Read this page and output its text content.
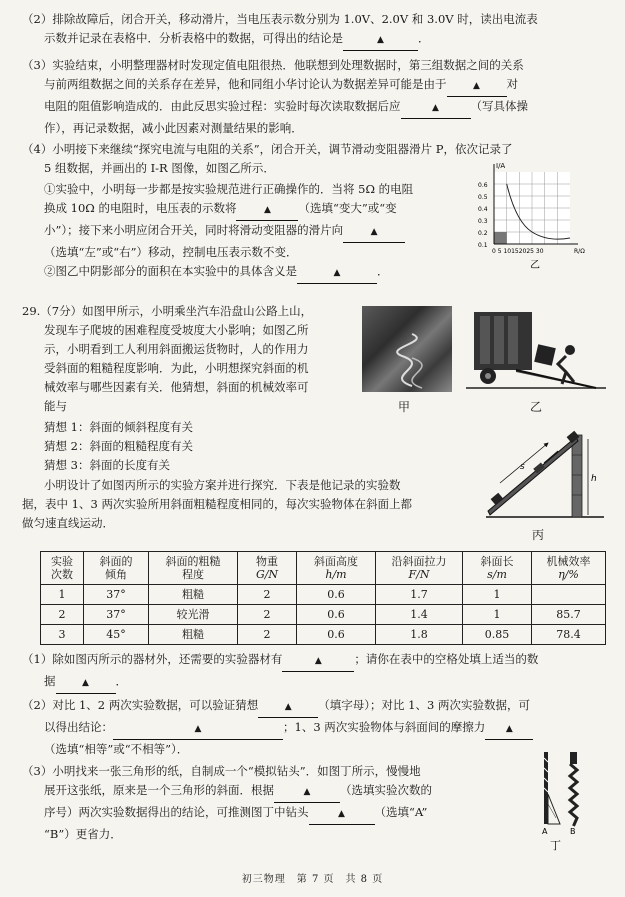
（2）排除故障后，闭合开关，移动滑片，当电压表示数分别为 1.0V、2.0V 和 3.0V 时，读出电流表
示数并记录在表格中．分析表格中的数据，可得出的结论是	▲	．

（3）实验结束，小明整理器材时发现定值电阻很热．他联想到处理数据时，第三组数据之间的关系
与前两组数据之间的关系存在差异，他和同组小华讨论认为数据差异可能是由于	▲ 对
电阻的阻值影响造成的．由此反思实验过程：实验时每次读取数据后应	▲	（写具体操
作），再记录数据，减小此因素对测量结果的影响．

（4）小明接下来继续“探究电流与电阻的关系”，闭合开关，调节滑动变阻器滑片 P，依次记录了
5 组数据，并画出的 I-R 图像，如图乙所示．

①实验中，小明每一步都是按实验规范进行正确操作的．当将 5Ω 的电阻
换成 10Ω 的电阻时，电压表的示数将	▲ （选填“变大”或“变
小”）；接下来小明应闭合开关，同时将滑动变阻器的滑片向	▲
（选填“左”或“右”）移动，控制电压表示数不变．
②图乙中阴影部分的面积在本实验中的具体含义是	▲	．

I/A
0.6
0.5
0.4
0.3
0.2
0.1
0 5 10152025 30	R/Ω
乙

29.（7分）如图甲所示，小明乘坐汽车沿盘山公路上山，
发现车子爬坡的困难程度受坡度大小影响；如图乙所
示，小明看到工人利用斜面搬运货物时，人的作用力
受斜面的粗糙程度影响．为此，小明想探究斜面的机
械效率与哪些因素有关．他猜想，斜面的机械效率可
能与

猜想 1：斜面的倾斜程度有关
猜想 2：斜面的粗糙程度有关
猜想 3：斜面的长度有关

小明设计了如图丙所示的实验方案并进行探究．下表是他记录的实验数
据，表中 1、3 两次实验所用斜面粗糙程度相同的，每次实验物体在斜面上都
做匀速直线运动．

甲	乙
s
h
丙
实验
次数	斜面的
倾角	斜面的粗糙
程度	物重
G/N	斜面高度
h/m	沿斜面拉力
F/N	斜面长
s/m	机械效率
η/%
1	37°	粗糙	2	0.6	1.7	1	
2	37°	较光滑	2	0.6	1.4	1	85.7
3	45°	粗糙	2	0.6	1.8	0.85	78.4

（1）除如图丙所示的器材外，还需要的实验器材有	▲	；请你在表中的空格处填上适当的数
据	▲ ．

（2）对比 1、2 两次实验数据，可以验证猜想	▲ （填字母）；对比 1、3 两次实验数据，可
以得出结论：	▲	；1、3 两次实验物体与斜面间的摩擦力 ▲
（选填“相等”或“不相等”）．

（3）小明找来一张三角形的纸，自制成一个“模拟钻头”．如图丁所示，慢慢地
展开这张纸，原来是一个三角形的斜面．根据	▲	（选填实验次数的
序号）两次实验数据得出的结论，可推测图丁中钻头	▲	（选填“A”
“B”）更省力．	A	B
丁
初三物理　第 7 页　共 8 页
